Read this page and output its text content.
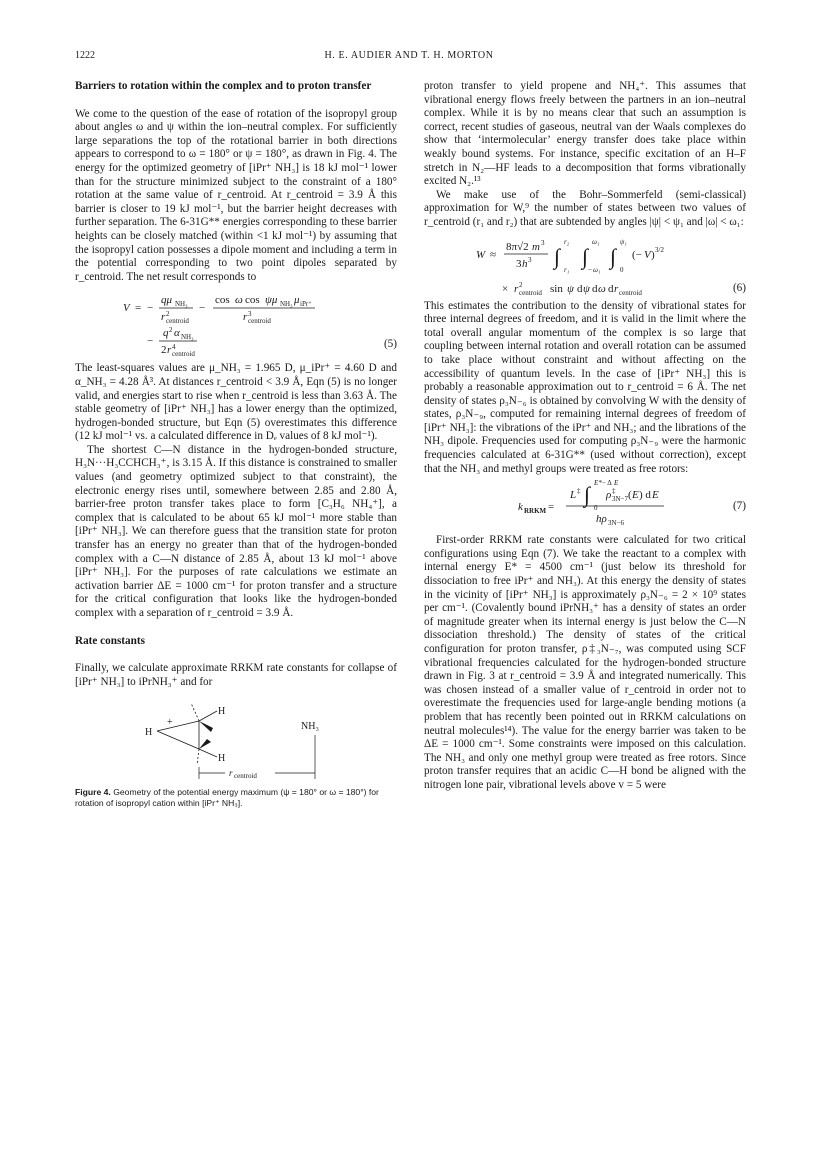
1222	H. E. AUDIER AND T. H. MORTON
Barriers to rotation within the complex and to proton transfer

We come to the question of the ease of rotation of the isopropyl group about angles ω and ψ within the ion–neutral complex. For sufficiently large separations the top of the rotational barrier in both directions appears to correspond to ω = 180° or ψ = 180°, as drawn in Fig. 4. The energy for the optimized geometry of [iPr⁺ NH₃] is 18 kJ mol⁻¹ lower than for the structure minimized subject to the constraint of a 180° rotation at the same value of r_centroid. At r_centroid = 3.9 Å this barrier is closer to 19 kJ mol⁻¹, but the barrier height decreases with further separation. The 6-31G** energies corresponding to these barrier heights can be closely matched (within <1 kJ mol⁻¹) by assuming that the isopropyl cation possesses a dipole moment and including a term in the potential corresponding to two point dipoles separated by r_centroid. The net result corresponds to

V = −
qμ NH₃
r 2
centroid
−
cos ω cos ψμ NH₃ μ iPr⁺
r 3
centroid
−
q 2 α NH₃
2 r 4
centroid
(5)

The least-squares values are μ_NH₃ = 1.965 D, μ_iPr⁺ = 4.60 D and α_NH₃ = 4.28 Å³. At distances r_centroid < 3.9 Å, Eqn (5) is no longer valid, and energies start to rise when r_centroid is less than 3.63 Å. The stable geometry of [iPr⁺ NH₃] has a lower energy than the optimized, hydrogen-bonded structure, but Eqn (5) overestimates this difference (12 kJ mol⁻¹ vs. a calculated difference in Dₑ values of 8 kJ mol⁻¹).

The shortest C—N distance in the hydrogen-bonded structure, H₃N···H₃CCHCH₃⁺, is 3.15 Å. If this distance is constrained to smaller values (and geometry optimized subject to that constraint), the electronic energy rises until, somewhere between 2.85 and 2.80 Å, barrier-free proton transfer takes place to form [C₃H₆ NH₄⁺], a complex that is calculated to be about 65 kJ mol⁻¹ more stable than [iPr⁺ NH₃]. We can therefore guess that the transition state for proton transfer has an energy no greater than that of the hydrogen-bonded complex with a C—N distance of 2.85 Å, about 13 kJ mol⁻¹ above [iPr⁺ NH₃]. For the purposes of rate calculations we estimate an activation barrier ΔE = 1000 cm⁻¹ for proton transfer and a structure for the critical configuration that looks like the hydrogen-bonded complex with a separation of r_centroid = 3.9 Å.

Rate constants

Finally, we calculate approximate RRKM rate constants for collapse of [iPr⁺ NH₃] to iPrNH₃⁺ and for

H
+
H
H
NH₃
r centroid
Figure 4. Geometry of the potential energy maximum (ψ = 180° or ω = 180°) for rotation of isopropyl cation within [iPr⁺ NH₃].

proton transfer to yield propene and NH₄⁺. This assumes that vibrational energy flows freely between the partners in an ion–neutral complex. While it is by no means clear that such an assumption is correct, recent studies of gaseous, neutral van der Waals complexes do show that ‘intermolecular’ energy transfer does take place within weakly bound systems. For instance, specific excitation of an H–F stretch in N₂—HF leads to a decomposition that forms vibrationally excited N₂.¹³

We make use of the Bohr–Sommerfeld (semi-classical) approximation for W,⁹ the number of states between two values of r_centroid (r₁ and r₂) that are subtended by angles |ψ| < ψ₁ and |ω| < ω₁:

W ≈
8π√2 m 3
3 h 3 ∫
r₂
r₁
∫
ω₁
− ω₁
∫
ψ₁
0
(− V ) 3/2
× r 2
centroid sin ψ d ψ d ω d r centroid	(6)

This estimates the contribution to the density of vibrational states for three internal degrees of freedom, and it is valid in the limit where the total overall angular momentum of the complex is so large that coupling between internal rotation and overall rotation can be assumed to take place without constraint and without affecting on the accessibility of quantum levels. In the case of [iPr⁺ NH₃] this is probably a reasonable approximation out to r_centroid = 6 Å. The net density of states ρ₃N₋₆ is obtained by convolving W with the density of states, ρ₃N₋₉, computed for remaining internal degrees of freedom of [iPr⁺ NH₃]: the vibrations of the iPr⁺ and NH₃; and the librations of the NH₃ dipole. Frequencies used for computing ρ₃N₋₉ were the harmonic frequencies calculated at 6-31G** (used without correction), except that the NH₃ and methyl groups were treated as free rotors:

k RRKM =
L ‡ ∫ E* − Δ E
0
ρ ‡
3N−7 ( E ) d E
hρ 3N−6
(7)

First-order RRKM rate constants were calculated for two critical configurations using Eqn (7). We take the reactant to a complex with internal energy E* = 4500 cm⁻¹ (just below its threshold for dissociation to free iPr⁺ and NH₃). At this energy the density of states in the vicinity of [iPr⁺ NH₃] is approximately ρ₃N₋₆ = 2 × 10⁹ states per cm⁻¹. (Covalently bound iPrNH₃⁺ has a density of states an order of magnitude greater when its internal energy is just below the C—N dissociation threshold.) The density of states of the critical configuration for proton transfer, ρ‡₃N₋₇, was computed using SCF vibrational frequencies calculated for the hydrogen-bonded structure drawn in Fig. 3 at r_centroid = 3.9 Å and integrated numerically. This was chosen instead of a smaller value of r_centroid in order not to overestimate the frequencies used for large-angle bending motions (a problem that has recently been pointed out in RRKM calculations on neutral molecules¹⁴). The value for the energy barrier was taken to be ΔE = 1000 cm⁻¹. Some constraints were imposed on this calculation. The NH₃ and only one methyl group were treated as free rotors. Since proton transfer requires that an acidic C—H bond be aligned with the nitrogen lone pair, vibrational levels above v = 5 were
